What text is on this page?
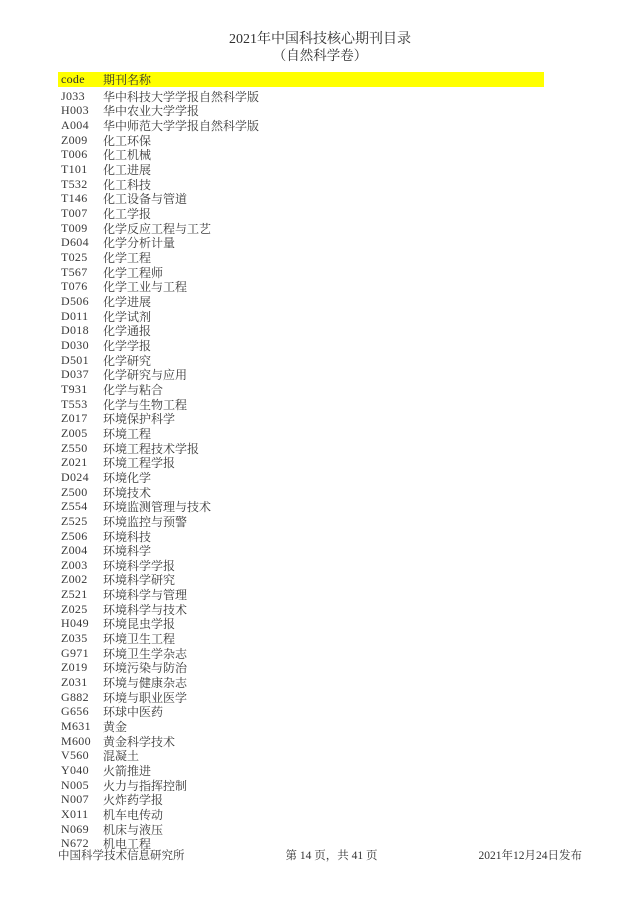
2021年中国科技核心期刊目录
（自然科学卷）
code	期刊名称
J033	华中科技大学学报自然科学版
H003	华中农业大学学报
A004	华中师范大学学报自然科学版
Z009	化工环保
T006	化工机械
T101	化工进展
T532	化工科技
T146	化工设备与管道
T007	化工学报
T009	化学反应工程与工艺
D604	化学分析计量
T025	化学工程
T567	化学工程师
T076	化学工业与工程
D506	化学进展
D011	化学试剂
D018	化学通报
D030	化学学报
D501	化学研究
D037	化学研究与应用
T931	化学与粘合
T553	化学与生物工程
Z017	环境保护科学
Z005	环境工程
Z550	环境工程技术学报
Z021	环境工程学报
D024	环境化学
Z500	环境技术
Z554	环境监测管理与技术
Z525	环境监控与预警
Z506	环境科技
Z004	环境科学
Z003	环境科学学报
Z002	环境科学研究
Z521	环境科学与管理
Z025	环境科学与技术
H049	环境昆虫学报
Z035	环境卫生工程
G971	环境卫生学杂志
Z019	环境污染与防治
Z031	环境与健康杂志
G882	环境与职业医学
G656	环球中医药
M631	黄金
M600	黄金科学技术
V560	混凝土
Y040	火箭推进
N005	火力与指挥控制
N007	火炸药学报
X011	机车电传动
N069	机床与液压
N672	机电工程
中国科学技术信息研究所	第 14 页，共 41 页	2021年12月24日发布
